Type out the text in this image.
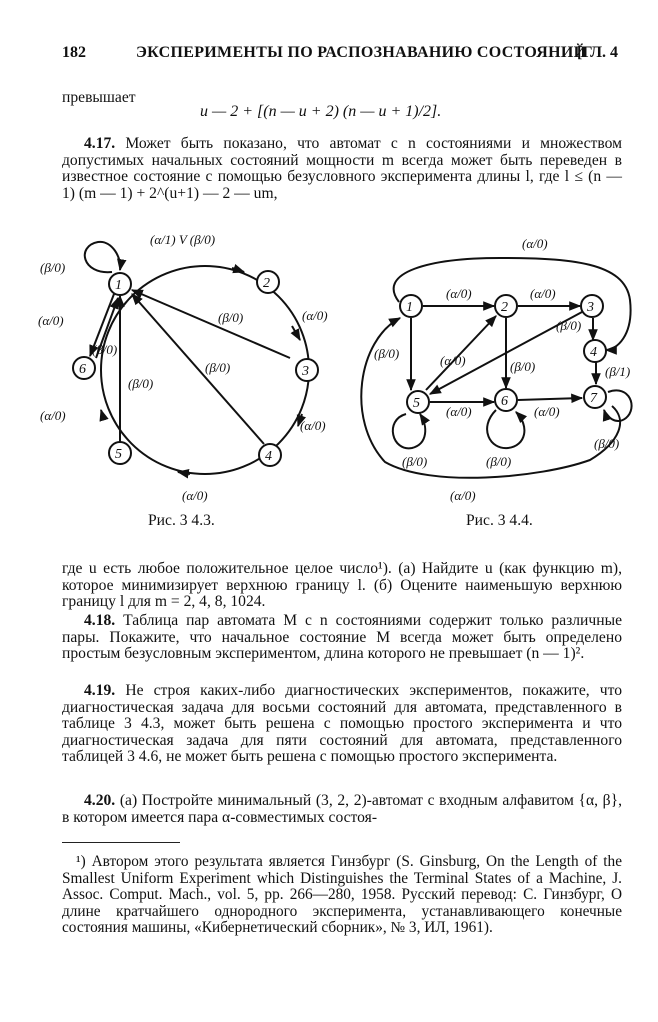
182	ЭКСПЕРИМЕНТЫ ПО РАСПОЗНАВАНИЮ СОСТОЯНИЙ
[ГЛ. 4

превышает

u — 2 + [(n — u + 2) (n — u + 1)/2].

4.17. Может быть показано, что автомат с n состояниями и множеством допустимых начальных состояний мощности m всегда может быть переведен в известное состояние с помощью безусловного эксперимента длины l, где l ≤ (n — 1) (m — 1) + 2^(u+1) — 2 — um,

1	2
3
4
5
6
(α/1) V (β/0)
(β/0)
(α/0)
(β/0)
(β/0)
(α/0)
(β/0)
(β/0)
(α/0)
(α/0)
(α/0)
1	2	3
4
5	6	7
(α/0)
(α/0)	(α/0)
(β/0)
(β/0)	(α/0)	(β/0)	(β/1)
(α/0)	(α/0)
(β/0)
(β/0)	(β/0)
(α/0)
Рис. 3 4.3.	Рис. 3 4.4.

где u есть любое положительное целое число¹). (а) Найдите u (как функцию m), которое минимизирует верхнюю границу l. (б) Оцените наименьшую верхнюю границу l для m = 2, 4, 8, 1024.

4.18. Таблица пар автомата M с n состояниями содержит только различные пары. Покажите, что начальное состояние M всегда может быть определено простым безусловным экспериментом, длина которого не превышает (n — 1)².

4.19. Не строя каких-либо диагностических экспериментов, покажите, что диагностическая задача для восьми состояний для автомата, представленного в таблице 3 4.3, может быть решена с помощью простого эксперимента и что диагностическая задача для пяти состояний для автомата, представленного таблицей 3 4.6, не может быть решена с помощью простого эксперимента.

4.20. (а) Постройте минимальный (3, 2, 2)-автомат с входным алфавитом {α, β}, в котором имеется пара α-совместимых состоя-

¹) Автором этого результата является Гинзбург (S. Ginsburg, On the Length of the Smallest Uniform Experiment which Distinguishes the Terminal States of a Machine, J. Assoc. Comput. Mach., vol. 5, pp. 266—280, 1958. Русский перевод: С. Гинзбург, О длине кратчайшего однородного эксперимента, устанавливающего конечные состояния машины, «Кибернетический сборник», № 3, ИЛ, 1961).
